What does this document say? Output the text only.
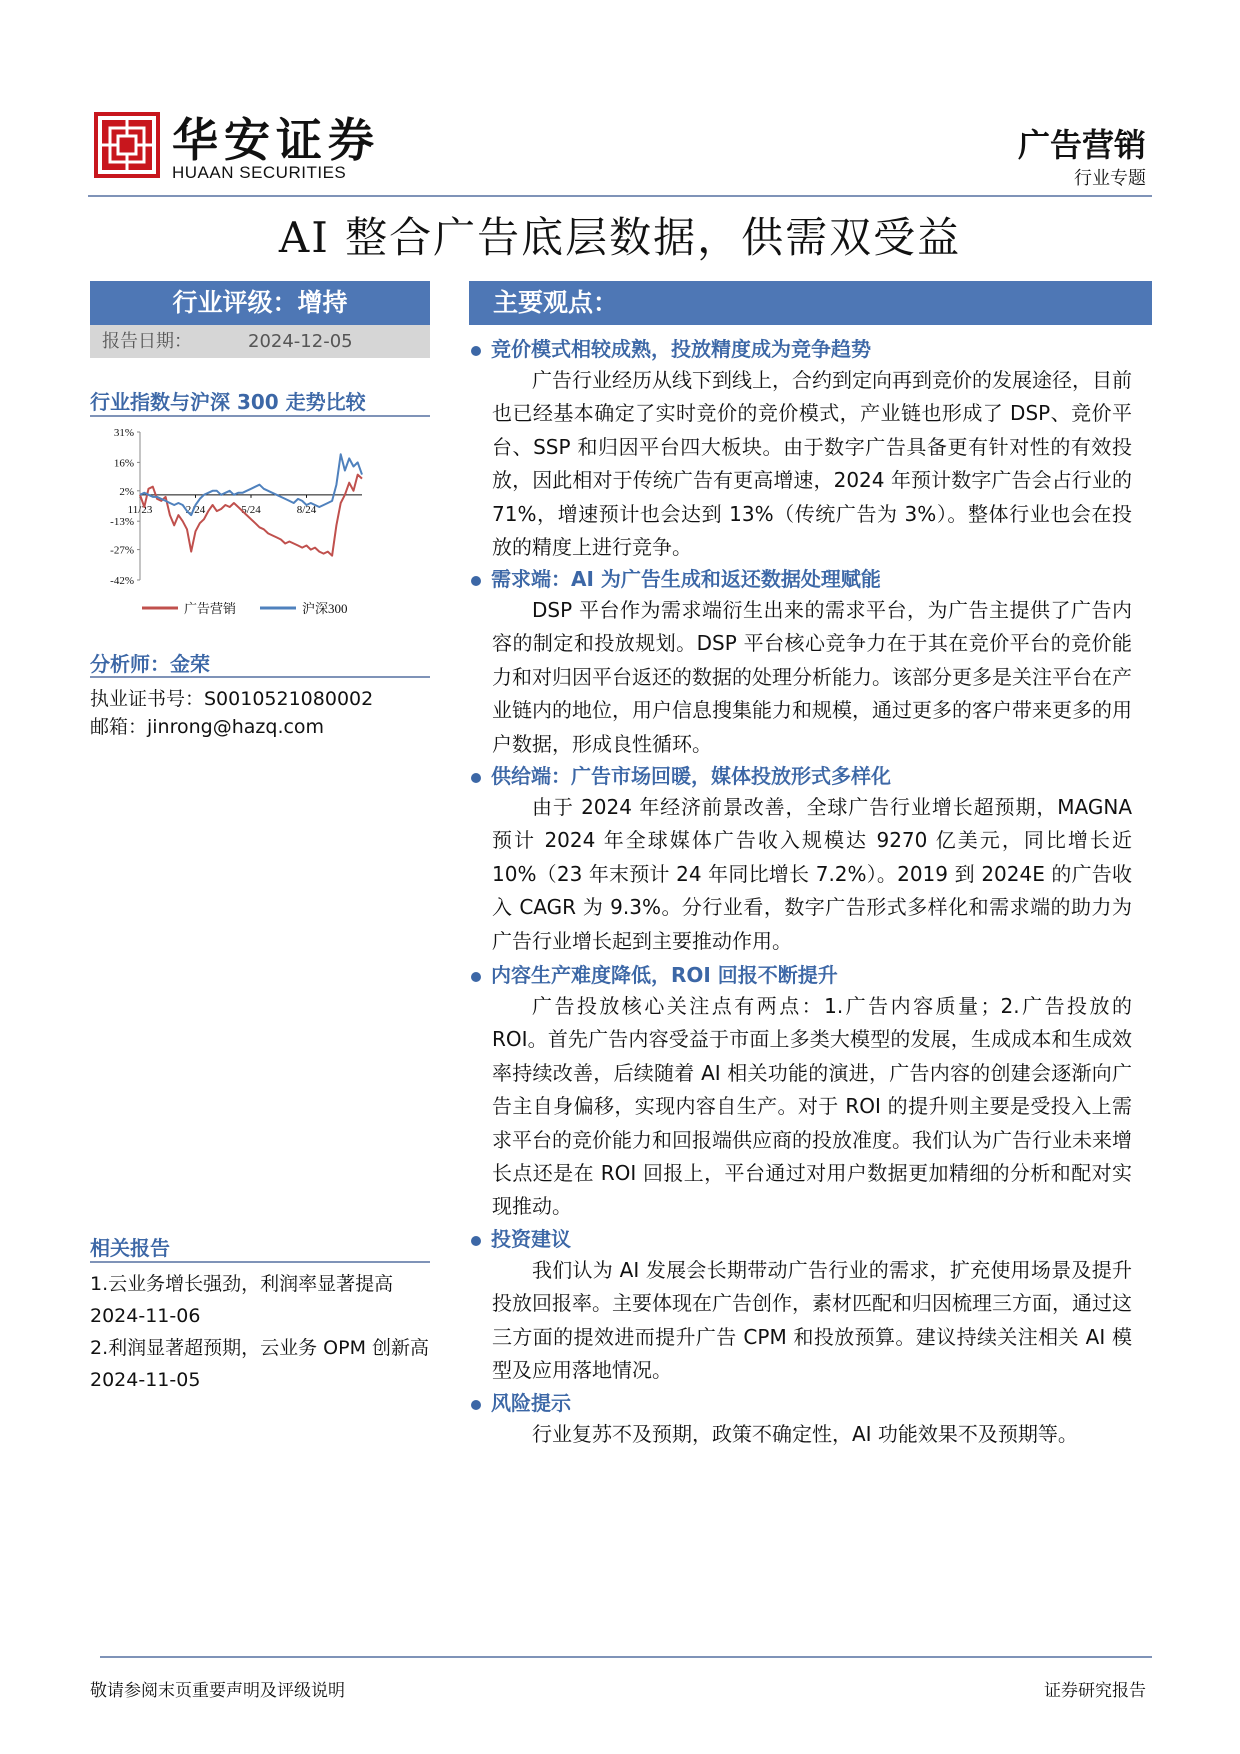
华安证券
HUAAN SECURITIES
广告营销
行业专题
AI 整合广告底层数据，供需双受益
行业评级：增持
报告日期：	2024-12-05
行业指数与沪深 300 走势比较
31%
16%
2%
-13%
-27%
-42%
11/23	2/24	5/24	8/24
广告营销	沪深300
分析师：金荣
执业证书号：S0010521080002
邮箱：jinrong@hazq.com
相关报告
1.云业务增长强劲，利润率显著提高 2024-11-06
2.利润显著超预期，云业务 OPM 创新高 2024-11-05
主要观点：
竞价模式相较成熟，投放精度成为竞争趋势
广告行业经历从线下到线上，合约到定向再到竞价的发展途径，目前也已经基本确定了实时竞价的竞价模式，产业链也形成了 DSP、竞价平台、SSP 和归因平台四大板块。由于数字广告具备更有针对性的有效投放，因此相对于传统广告有更高增速，2024 年预计数字广告会占行业的 71%，增速预计也会达到 13%（传统广告为 3%）。整体行业也会在投放的精度上进行竞争。
需求端：AI 为广告生成和返还数据处理赋能
DSP 平台作为需求端衍生出来的需求平台，为广告主提供了广告内容的制定和投放规划。DSP 平台核心竞争力在于其在竞价平台的竞价能力和对归因平台返还的数据的处理分析能力。该部分更多是关注平台在产业链内的地位，用户信息搜集能力和规模，通过更多的客户带来更多的用户数据，形成良性循环。
供给端：广告市场回暖，媒体投放形式多样化
由于 2024 年经济前景改善，全球广告行业增长超预期，MAGNA 预计 2024 年全球媒体广告收入规模达 9270 亿美元，同比增长近 10%（23 年末预计 24 年同比增长 7.2%）。2019 到 2024E 的广告收入 CAGR 为 9.3%。分行业看，数字广告形式多样化和需求端的助力为广告行业增长起到主要推动作用。
内容生产难度降低，ROI 回报不断提升
广告投放核心关注点有两点：1.广告内容质量；2.广告投放的 ROI。首先广告内容受益于市面上多类大模型的发展，生成成本和生成效率持续改善，后续随着 AI 相关功能的演进，广告内容的创建会逐渐向广告主自身偏移，实现内容自生产。对于 ROI 的提升则主要是受投入上需求平台的竞价能力和回报端供应商的投放准度。我们认为广告行业未来增长点还是在 ROI 回报上，平台通过对用户数据更加精细的分析和配对实现推动。
投资建议
我们认为 AI 发展会长期带动广告行业的需求，扩充使用场景及提升投放回报率。主要体现在广告创作，素材匹配和归因梳理三方面，通过这三方面的提效进而提升广告 CPM 和投放预算。建议持续关注相关 AI 模型及应用落地情况。
风险提示
行业复苏不及预期，政策不确定性，AI 功能效果不及预期等。
敬请参阅末页重要声明及评级说明	证券研究报告
